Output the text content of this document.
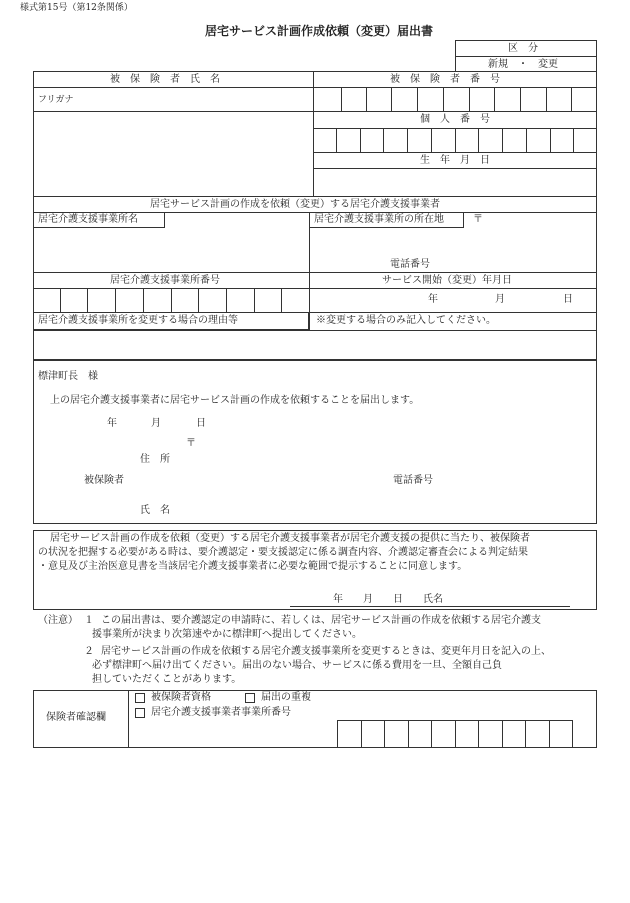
様式第15号（第12条関係）
居宅サービス計画作成依頼（変更）届出書
区　分
新規　・　変更
被　保　険　者　氏　名	被　保　険　者　番　号
フリガナ
個　人　番　号
生　年　月　日
居宅サービス計画の作成を依頼（変更）する居宅介護支援事業者
居宅介護支援事業所名	居宅介護支援事業所の所在地	〒
電話番号
居宅介護支援事業所番号	サービス開始（変更）年月日
年	月	日
居宅介護支援事業所を変更する場合の理由等	※変更する場合のみ記入してください。
標津町長　様
上の居宅介護支援事業者に居宅サービス計画の作成を依頼することを届出します。
年	月	日
〒
住　所
被保険者	電話番号
氏　名
居宅サービス計画の作成を依頼（変更）する居宅介護支援事業者が居宅介護支援の提供に当たり、被保険者
の状況を把握する必要がある時は、要介護認定・要支援認定に係る調査内容、介護認定審査会による判定結果
・意見及び主治医意見書を当該居宅介護支援事業者に必要な範囲で提示することに同意します。
年　　月　　日　　氏名
（注意） １ この届出書は、要介護認定の申請時に、若しくは、居宅サービス計画の作成を依頼する居宅介護支
援事業所が決まり次第速やかに標津町へ提出してください。
２ 居宅サービス計画の作成を依頼する居宅介護支援事業所を変更するときは、変更年月日を記入の上、
必ず標津町へ届け出てください。届出のない場合、サービスに係る費用を一旦、全額自己負
担していただくことがあります。
保険者確認欄
被保険者資格	届出の重複
居宅介護支援事業者事業所番号
